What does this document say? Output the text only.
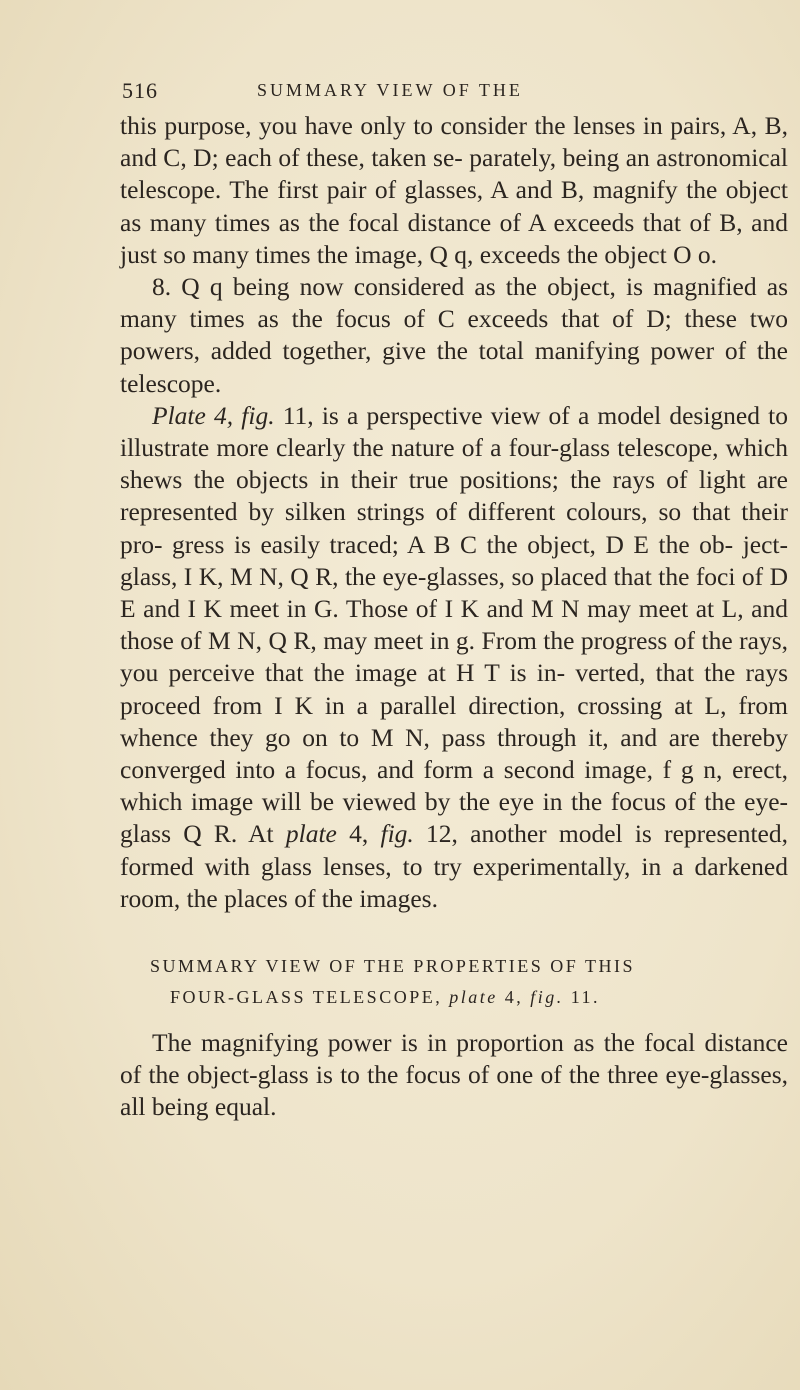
516	SUMMARY VIEW OF THE

this purpose, you have only to consider the lenses in pairs, A, B, and C, D; each of these, taken se- parately, being an astronomical telescope. The first pair of glasses, A and B, magnify the object as many times as the focal distance of A exceeds that of B, and just so many times the image, Q q, exceeds the object O o.

8. Q q being now considered as the object, is magnified as many times as the focus of C exceeds that of D; these two powers, added together, give the total manifying power of the telescope.

Plate 4, fig. 11, is a perspective view of a model designed to illustrate more clearly the nature of a four-glass telescope, which shews the objects in their true positions; the rays of light are represented by silken strings of different colours, so that their pro- gress is easily traced; A B C the object, D E the ob- ject-glass, I K, M N, Q R, the eye-glasses, so placed that the foci of D E and I K meet in G. Those of I K and M N may meet at L, and those of M N, Q R, may meet in g. From the progress of the rays, you perceive that the image at H T is in- verted, that the rays proceed from I K in a parallel direction, crossing at L, from whence they go on to M N, pass through it, and are thereby converged into a focus, and form a second image, f g n, erect, which image will be viewed by the eye in the focus of the eye-glass Q R. At plate 4, fig. 12, another model is represented, formed with glass lenses, to try experimentally, in a darkened room, the places of the images.

SUMMARY VIEW OF THE PROPERTIES OF THIS
FOUR-GLASS TELESCOPE, plate 4, fig. 11.

The magnifying power is in proportion as the focal distance of the object-glass is to the focus of one of the three eye-glasses, all being equal.
